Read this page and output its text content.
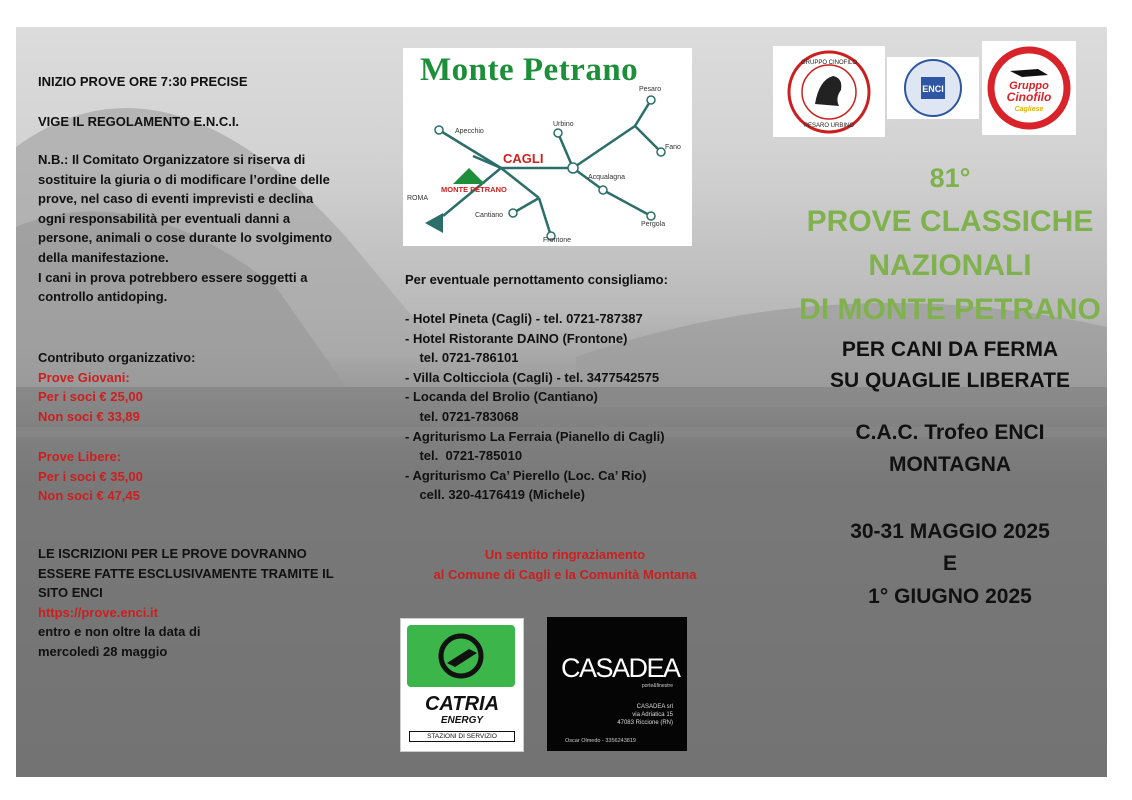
INIZIO PROVE ORE 7:30 PRECISE
VIGE IL REGOLAMENTO E.N.C.I.
N.B.: Il Comitato Organizzatore si riserva di
sostituire la giuria o di modificare l’ordine delle
prove, nel caso di eventi imprevisti e declina
ogni responsabilità per eventuali danni a
persone, animali o cose durante lo svolgimento
della manifestazione.
I cani in prova potrebbero essere soggetti a
controllo antidoping.
Contributo organizzativo:
Prove Giovani:
Per i soci € 25,00
Non soci € 33,89
Prove Libere:
Per i soci € 35,00
Non soci € 47,45
LE ISCRIZIONI PER LE PROVE DOVRANNO
ESSERE FATTE ESCLUSIVAMENTE TRAMITE IL
SITO ENCI
https://prove.enci.it
entro e non oltre la data di
mercoledì 28 maggio
Monte Petrano
Pesaro
Urbino
Apecchio
Fano
CAGLI
MONTE PETRANO
Acqualagna
ROMA
Cantiano
Pergola
Frontone
Per eventuale pernottamento consigliamo:
- Hotel Pineta (Cagli) - tel. 0721-787387
- Hotel Ristorante DAINO (Frontone)
tel. 0721-786101
- Villa Colticciola (Cagli) - tel. 3477542575
- Locanda del Brolio (Cantiano)
tel. 0721-783068
- Agriturismo La Ferraia (Pianello di Cagli)
tel.  0721-785010
- Agriturismo Ca’ Pierello (Loc. Ca’ Rio)
cell. 320-4176419 (Michele)
Un sentito ringraziamento
al Comune di Cagli e la Comunità Montana
CATRIA
ENERGY
STAZIONI DI SERVIZIO
CASADEA
porte&finestre
CASADEA srl
via Adriatica 15
47083 Riccione (RN)
Oscar Olmedo - 3356243819
GRUPPO CINOFILO
PESARO URBINO
ENCI	Gruppo
Cinofilo
Cagliese
81°
PROVE CLASSICHE
NAZIONALI
DI MONTE PETRANO
PER CANI DA FERMA
SU QUAGLIE LIBERATE
C.A.C. Trofeo ENCI
MONTAGNA
30-31 MAGGIO 2025
E
1° GIUGNO 2025
